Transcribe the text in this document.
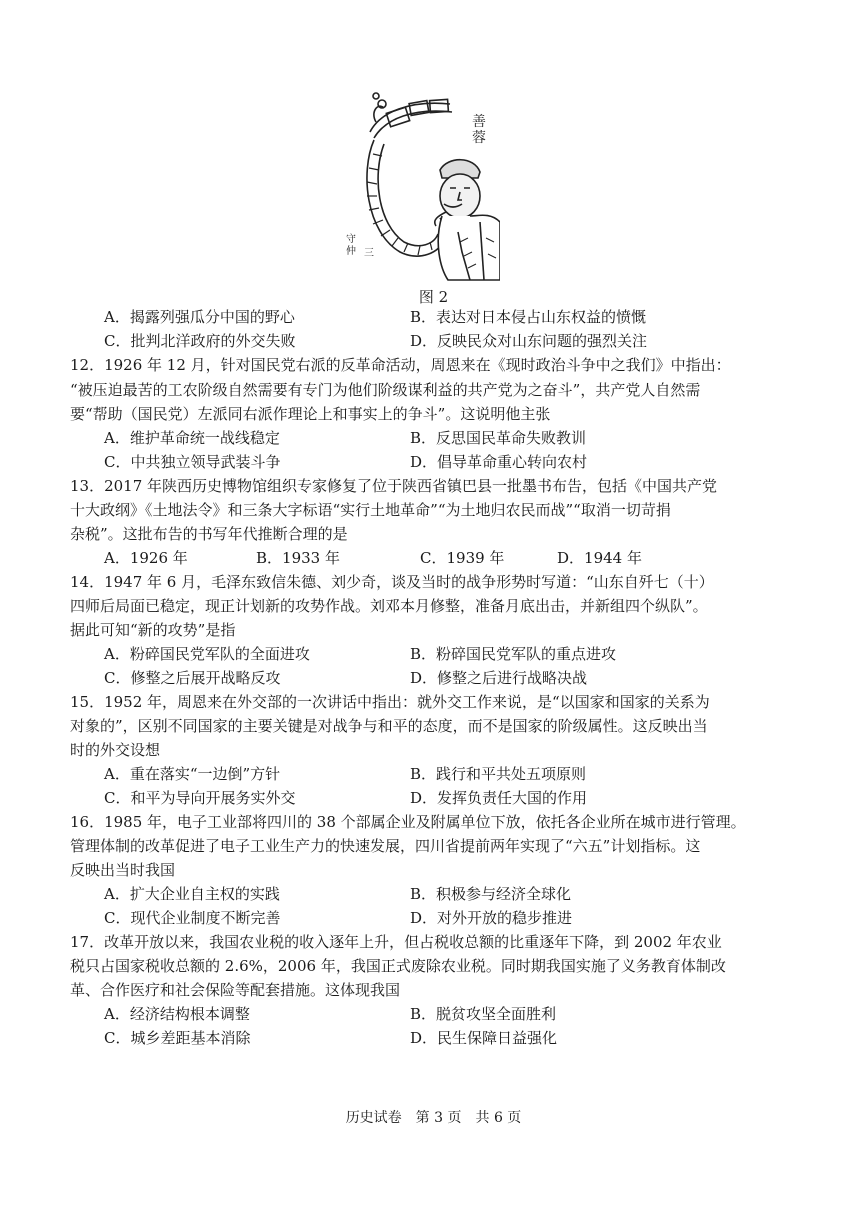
善蓉
守仲 三
图 2
A．揭露列强瓜分中国的野心	B．表达对日本侵占山东权益的愤慨
C．批判北洋政府的外交失败	D．反映民众对山东问题的强烈关注
12．1926 年 12 月，针对国民党右派的反革命活动，周恩来在《现时政治斗争中之我们》中指出：
“被压迫最苦的工农阶级自然需要有专门为他们阶级谋利益的共产党为之奋斗”，共产党人自然需
要“帮助（国民党）左派同右派作理论上和事实上的争斗”。这说明他主张
A．维护革命统一战线稳定	B．反思国民革命失败教训
C．中共独立领导武装斗争	D．倡导革命重心转向农村
13．2017 年陕西历史博物馆组织专家修复了位于陕西省镇巴县一批墨书布告，包括《中国共产党
十大政纲》《土地法令》和三条大字标语“实行土地革命”“为土地归农民而战”“取消一切苛捐
杂税”。这批布告的书写年代推断合理的是
A．1926 年	B．1933 年	C．1939 年	D．1944 年
14．1947 年 6 月，毛泽东致信朱德、刘少奇，谈及当时的战争形势时写道：“山东自歼七（十）
四师后局面已稳定，现正计划新的攻势作战。刘邓本月修整，准备月底出击，并新组四个纵队”。
据此可知“新的攻势”是指
A．粉碎国民党军队的全面进攻	B．粉碎国民党军队的重点进攻
C．修整之后展开战略反攻	D．修整之后进行战略决战
15．1952 年，周恩来在外交部的一次讲话中指出：就外交工作来说，是“以国家和国家的关系为
对象的”，区别不同国家的主要关键是对战争与和平的态度，而不是国家的阶级属性。这反映出当
时的外交设想
A．重在落实“一边倒”方针	B．践行和平共处五项原则
C．和平为导向开展务实外交	D．发挥负责任大国的作用
16．1985 年，电子工业部将四川的 38 个部属企业及附属单位下放，依托各企业所在城市进行管理。
管理体制的改革促进了电子工业生产力的快速发展，四川省提前两年实现了“六五”计划指标。这
反映出当时我国
A．扩大企业自主权的实践	B．积极参与经济全球化
C．现代企业制度不断完善	D．对外开放的稳步推进
17．改革开放以来，我国农业税的收入逐年上升，但占税收总额的比重逐年下降，到 2002 年农业
税只占国家税收总额的 2.6%，2006 年，我国正式废除农业税。同时期我国实施了义务教育体制改
革、合作医疗和社会保险等配套措施。这体现我国
A．经济结构根本调整	B．脱贫攻坚全面胜利
C．城乡差距基本消除	D．民生保障日益强化
历史试卷　第 3 页　共 6 页
